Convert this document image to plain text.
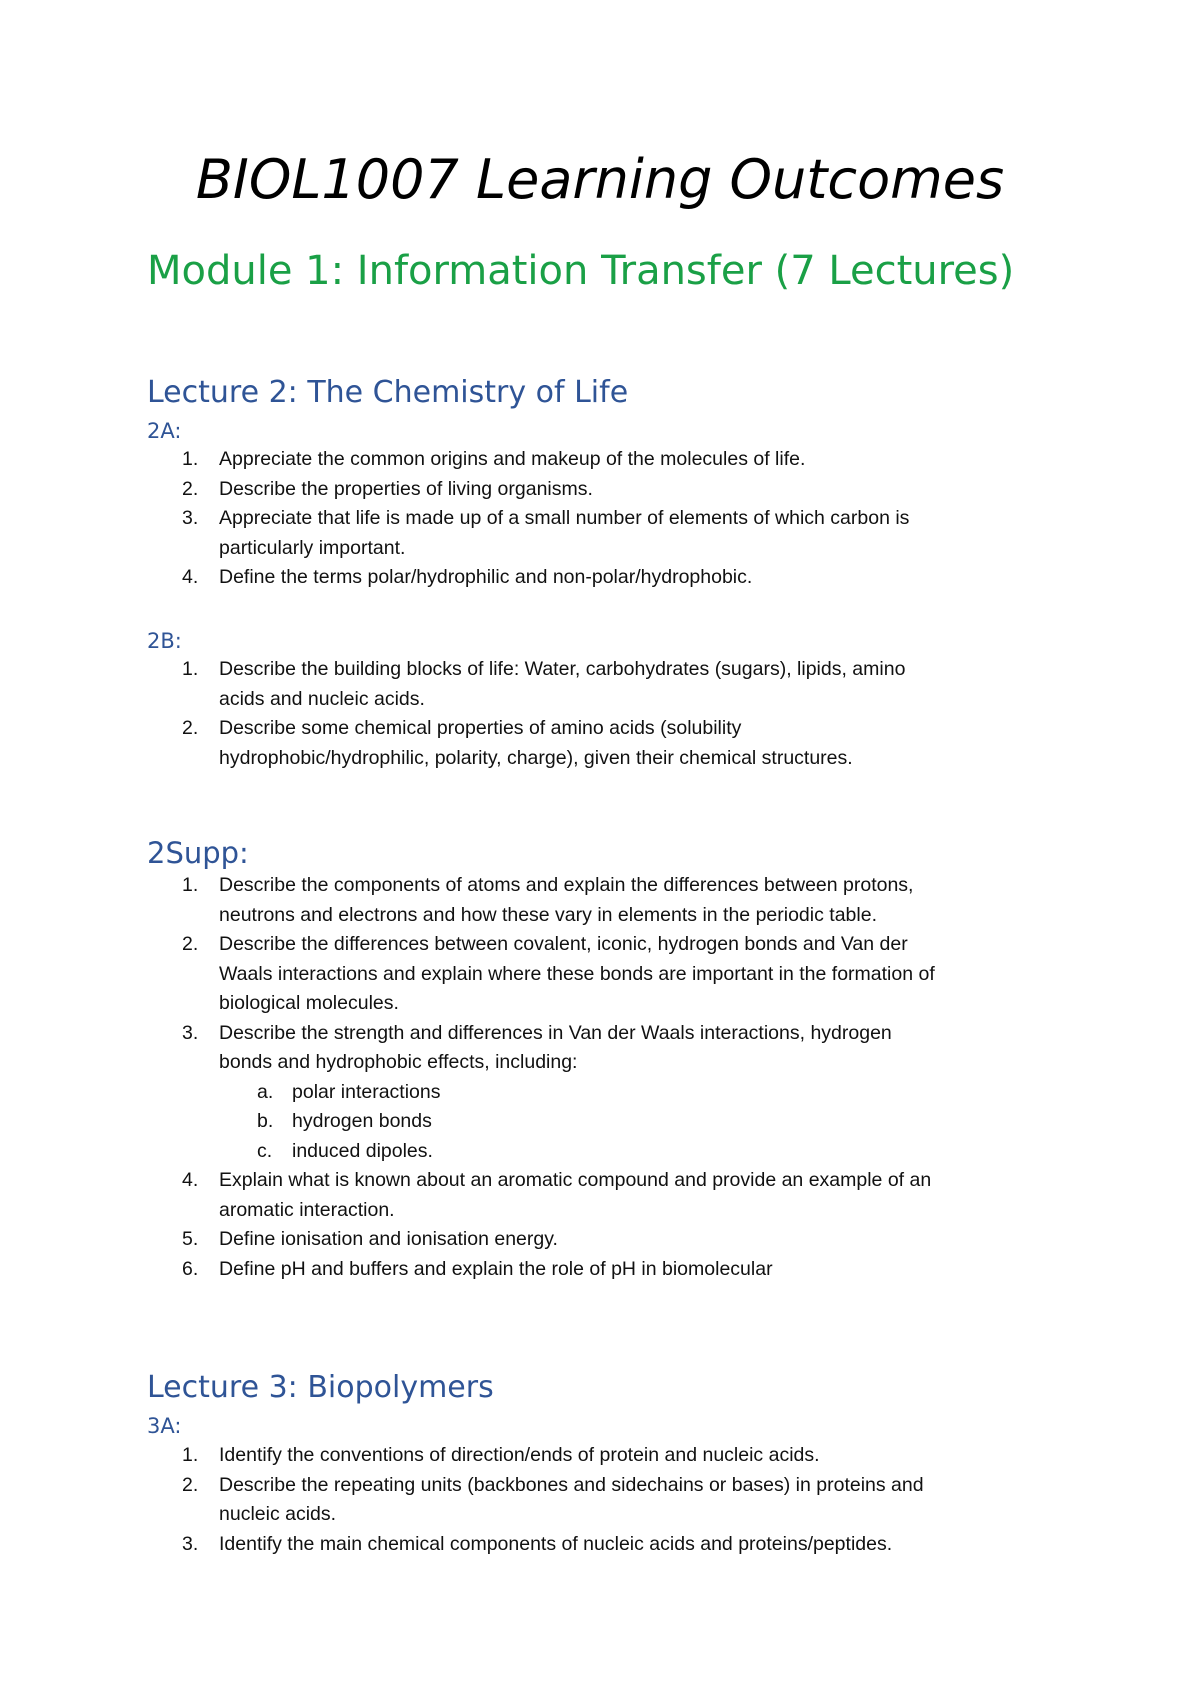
BIOL1007 Learning Outcomes
Module 1: Information Transfer (7 Lectures)
Lecture 2: The Chemistry of Life
2A:
1. Appreciate the common origins and makeup of the molecules of life.
2. Describe the properties of living organisms.
3. Appreciate that life is made up of a small number of elements of which carbon is particularly important.
4. Define the terms polar/hydrophilic and non-polar/hydrophobic.
2B:
1. Describe the building blocks of life: Water, carbohydrates (sugars), lipids, amino acids and nucleic acids.
2. Describe some chemical properties of amino acids (solubility hydrophobic/hydrophilic, polarity, charge), given their chemical structures.
2Supp:
1. Describe the components of atoms and explain the differences between protons, neutrons and electrons and how these vary in elements in the periodic table.
2. Describe the differences between covalent, iconic, hydrogen bonds and Van der Waals interactions and explain where these bonds are important in the formation of biological molecules.
3. Describe the strength and differences in Van der Waals interactions, hydrogen bonds and hydrophobic effects, including:
a. polar interactions
b. hydrogen bonds
c. induced dipoles.
4. Explain what is known about an aromatic compound and provide an example of an aromatic interaction.
5. Define ionisation and ionisation energy.
6. Define pH and buffers and explain the role of pH in biomolecular
Lecture 3: Biopolymers
3A:
1. Identify the conventions of direction/ends of protein and nucleic acids.
2. Describe the repeating units (backbones and sidechains or bases) in proteins and nucleic acids.
3. Identify the main chemical components of nucleic acids and proteins/peptides.
